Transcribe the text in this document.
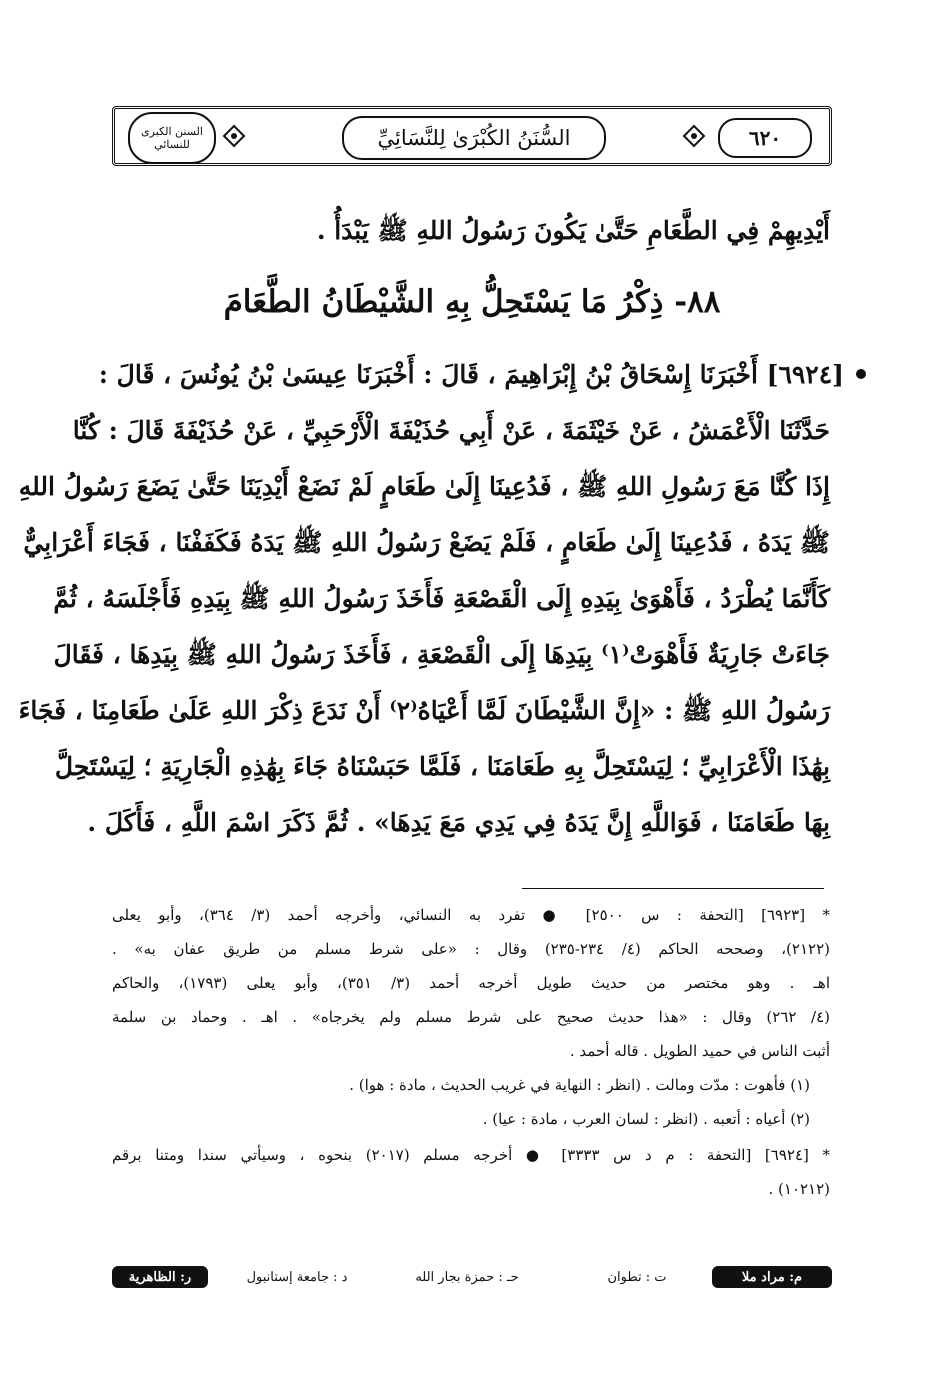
السنن الكبرى للنسائي	السُّنَنُ الكُبْرَىٰ لِلنَّسَائِيِّ	٦٢٠
أَيْدِيهِمْ فِي الطَّعَامِ حَتَّىٰ يَكُونَ رَسُولُ اللهِ ﷺ يَبْدَأُ .
٨٨- ذِكْرُ مَا يَسْتَحِلُّ بِهِ الشَّيْطَانُ الطَّعَامَ
[٦٩٢٤] أَخْبَرَنَا إِسْحَاقُ بْنُ إِبْرَاهِيمَ ، قَالَ : أَخْبَرَنَا عِيسَىٰ بْنُ يُونُسَ ، قَالَ :
حَدَّثَنَا الْأَعْمَشُ ، عَنْ خَيْثَمَةَ ، عَنْ أَبِي حُذَيْفَةَ الْأَرْحَبِيِّ ، عَنْ حُذَيْفَةَ قَالَ : كُنَّا
إِذَا كُنَّا مَعَ رَسُولِ اللهِ ﷺ ، فَدُعِينَا إِلَىٰ طَعَامٍ لَمْ نَضَعْ أَيْدِيَنَا حَتَّىٰ يَضَعَ رَسُولُ اللهِ
ﷺ يَدَهُ ، فَدُعِينَا إِلَىٰ طَعَامٍ ، فَلَمْ يَضَعْ رَسُولُ اللهِ ﷺ يَدَهُ فَكَفَفْنَا ، فَجَاءَ أَعْرَابِيٌّ
كَأَنَّمَا يُطْرَدُ ، فَأَهْوَىٰ بِيَدِهِ إِلَى الْقَصْعَةِ فَأَخَذَ رَسُولُ اللهِ ﷺ بِيَدِهِ فَأَجْلَسَهُ ، ثُمَّ
جَاءَتْ جَارِيَةٌ فَأَهْوَتْ⁽١⁾ بِيَدِهَا إِلَى الْقَصْعَةِ ، فَأَخَذَ رَسُولُ اللهِ ﷺ بِيَدِهَا ، فَقَالَ
رَسُولُ اللهِ ﷺ : «إِنَّ الشَّيْطَانَ لَمَّا أَعْيَاهُ⁽٢⁾ أَنْ نَدَعَ ذِكْرَ اللهِ عَلَىٰ طَعَامِنَا ، فَجَاءَ
بِهَٰذَا الْأَعْرَابِيِّ ؛ لِيَسْتَحِلَّ بِهِ طَعَامَنَا ، فَلَمَّا حَبَسْنَاهُ جَاءَ بِهَٰذِهِ الْجَارِيَةِ ؛ لِيَسْتَحِلَّ
بِهَا طَعَامَنَا ، فَوَاللَّهِ إِنَّ يَدَهُ فِي يَدِي مَعَ يَدِهَا» . ثُمَّ ذَكَرَ اسْمَ اللَّهِ ، فَأَكَلَ .
* [٦٩٢٣] [التحفة : س ٢٥٠٠] ● تفرد به النسائي، وأخرجه أحمد (٣/ ٣٦٤)، وأبو يعلى
(٢١٢٢)، وصححه الحاكم (٤/ ٢٣٤-٢٣٥) وقال : «على شرط مسلم من طريق عفان به» .
اهـ . وهو مختصر من حديث طويل أخرجه أحمد (٣/ ٣٥١)، وأبو يعلى (١٧٩٣)، والحاكم
(٤/ ٢٦٢) وقال : «هذا حديث صحيح على شرط مسلم ولم يخرجاه» . اهـ . وحماد بن سلمة
أثبت الناس في حميد الطويل . قاله أحمد .
(١) فأهوت : مدّت ومالت . (انظر : النهاية في غريب الحديث ، مادة : هوا) .
(٢) أعياه : أتعبه . (انظر : لسان العرب ، مادة : عيا) .
* [٦٩٢٤] [التحفة : م د س ٣٣٣٣] ● أخرجه مسلم (٢٠١٧) بنحوه ، وسيأتي سندا ومتنا برقم
(١٠٢١٢) .
م: مراد ملا
ت : تطوان
حـ : حمزة بجار الله
د : جامعة إستانبول
ر: الظاهرية
